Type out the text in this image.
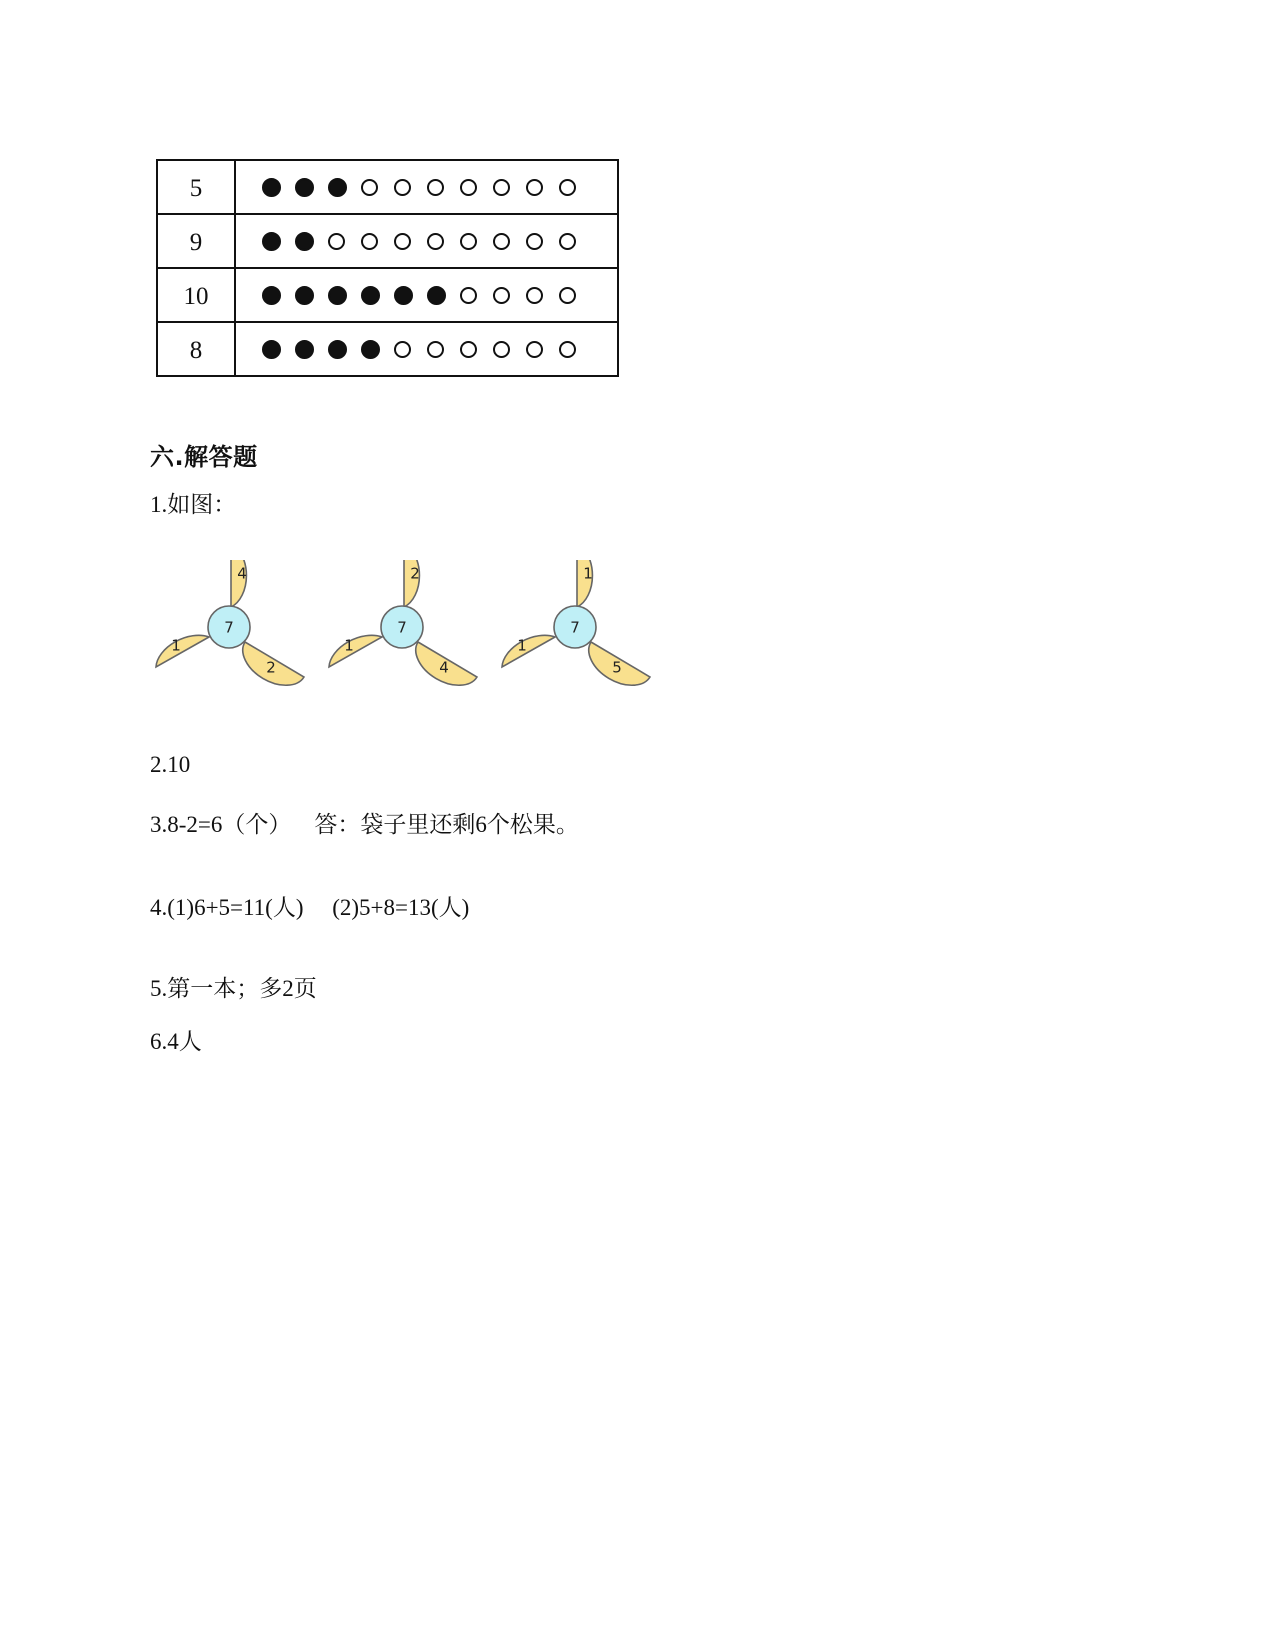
5	
9	
10	
8	
六.解答题
1.如图：
7
4
1
2
7
2
1
4
7
1
1
5
2.10
3.8-2=6（个）    答：袋子里还剩6个松果。
4.(1)6+5=11(人)     (2)5+8=13(人)
5.第一本；多2页
6.4人
